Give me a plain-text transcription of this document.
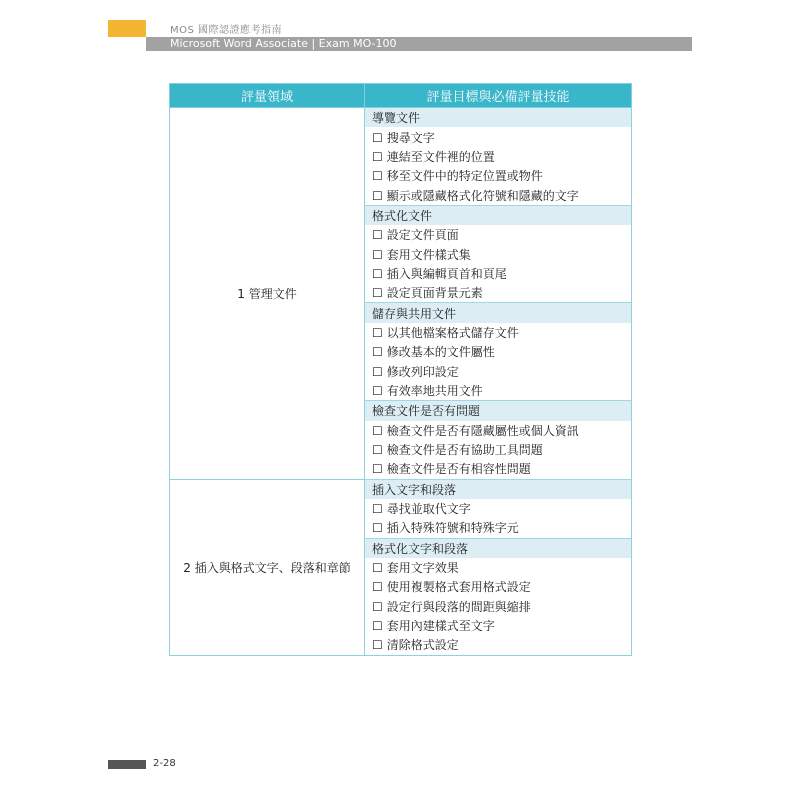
MOS 國際認證應考指南
Microsoft Word Associate | Exam MO-100
評量領域	評量目標與必備評量技能
1 管理文件	導覽文件
	☐ 搜尋文字
	☐ 連結至文件裡的位置
	☐ 移至文件中的特定位置或物件
	☐ 顯示或隱藏格式化符號和隱藏的文字
	格式化文件
	☐ 設定文件頁面
	☐ 套用文件樣式集
	☐ 插入與編輯頁首和頁尾
	☐ 設定頁面背景元素
	儲存與共用文件
	☐ 以其他檔案格式儲存文件
	☐ 修改基本的文件屬性
	☐ 修改列印設定
	☐ 有效率地共用文件
	檢查文件是否有問題
	☐ 檢查文件是否有隱藏屬性或個人資訊
	☐ 檢查文件是否有協助工具問題
	☐ 檢查文件是否有相容性問題
2 插入與格式文字、段落和章節	插入文字和段落
	☐ 尋找並取代文字
	☐ 插入特殊符號和特殊字元
	格式化文字和段落
	☐ 套用文字效果
	☐ 使用複製格式套用格式設定
	☐ 設定行與段落的間距與縮排
	☐ 套用內建樣式至文字
	☐ 清除格式設定
2-28
